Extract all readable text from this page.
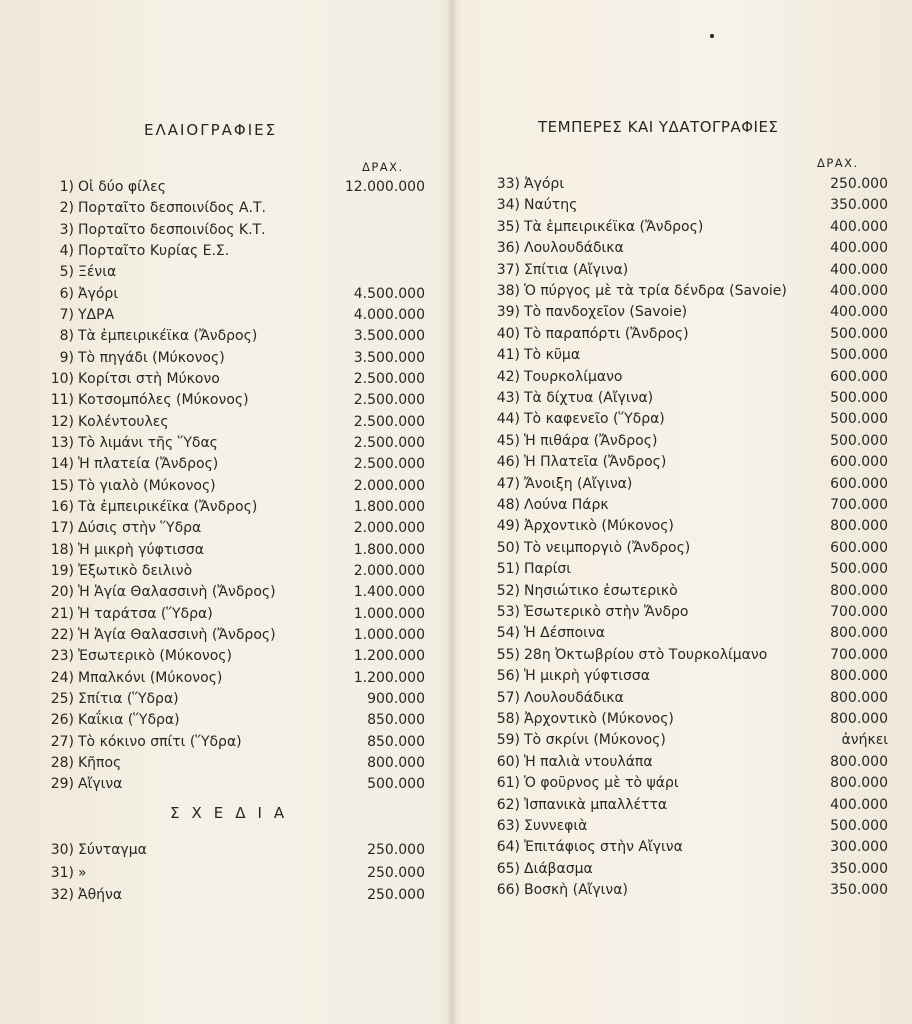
ΕΛΑΙΟΓΡΑΦΙΕΣ
ΔΡΑΧ.
1) Οἱ δύο φίλες	12.000.000
2) Πορταῖτο δεσποινίδος Α.Τ.
3) Πορταῖτο δεσποινίδος Κ.Τ.
4) Πορταῖτο Κυρίας Ε.Σ.
5) Ξένια
6) Ἀγόρι	4.500.000
7) ΥΔΡΑ	4.000.000
8) Τὰ ἐμπειρικέϊκα (Ἄνδρος)	3.500.000
9) Τὸ πηγάδι (Μύκονος)	3.500.000
10) Κορίτσι στὴ Μύκονο	2.500.000
11) Κοτσομπόλες (Μύκονος)	2.500.000
12) Κολέντουλες	2.500.000
13) Τὸ λιμάνι τῆς Ὕδας	2.500.000
14) Ἡ πλατεία (Ἄνδρος)	2.500.000
15) Τὸ γιαλὸ (Μύκονος)	2.000.000
16) Τὰ ἐμπειρικέϊκα (Ἄνδρος)	1.800.000
17) Δύσις στὴν Ὕδρα	2.000.000
18) Ἡ μικρὴ γύφτισσα	1.800.000
19) Ἐξωτικὸ δειλινὸ	2.000.000
20) Ἡ Ἁγία Θαλασσινὴ (Ἄνδρος)	1.400.000
21) Ἡ ταράτσα (Ὕδρα)	1.000.000
22) Ἡ Ἁγία Θαλασσινὴ (Ἄνδρος)	1.000.000
23) Ἐσωτερικὸ (Μύκονος)	1.200.000
24) Μπαλκόνι (Μύκονος)	1.200.000
25) Σπίτια (Ὕδρα)	900.000
26) Καΐκια (Ὕδρα)	850.000
27) Τὸ κόκινο σπίτι (Ὕδρα)	850.000
28) Κῆπος	800.000
29) Αἴγινα	500.000
ΣΧΕΔΙΑ
30) Σύνταγμα	250.000
31) »	250.000
32) Ἀθήνα	250.000
ΤΕΜΠΕΡΕΣ ΚΑΙ ΥΔΑΤΟΓΡΑΦΙΕΣ
ΔΡΑΧ.
33) Ἀγόρι	250.000
34) Ναύτης	350.000
35) Τὰ ἐμπειρικέϊκα (Ἄνδρος)	400.000
36) Λουλουδάδικα	400.000
37) Σπίτια (Αἴγινα)	400.000
38) Ὁ πύργος μὲ τὰ τρία δένδρα (Savoie)	400.000
39) Τὸ πανδοχεῖον (Savoie)	400.000
40) Τὸ παραπόρτι (Ἄνδρος)	500.000
41) Τὸ κῦμα	500.000
42) Τουρκολίμανο	600.000
43) Τὰ δίχτυα (Αἴγινα)	500.000
44) Τὸ καφενεῖο (Ὕδρα)	500.000
45) Ἡ πιθάρα (Ἄνδρος)	500.000
46) Ἡ Πλατεῖα (Ἄνδρος)	600.000
47) Ἄνοιξη (Αἴγινα)	600.000
48) Λούνα Πάρκ	700.000
49) Ἀρχοντικὸ (Μύκονος)	800.000
50) Τὸ νειμποργιὸ (Ἄνδρος)	600.000
51) Παρίσι	500.000
52) Νησιώτικο ἐσωτερικὸ	800.000
53) Ἐσωτερικὸ στὴν Ἄνδρο	700.000
54) Ἡ Δέσποινα	800.000
55) 28η Ὀκτωβρίου στὸ Τουρκολίμανο	700.000
56) Ἡ μικρὴ γύφτισσα	800.000
57) Λουλουδάδικα	800.000
58) Ἀρχοντικὸ (Μύκονος)	800.000
59) Τὸ σκρίνι (Μύκονος)	ἀνήκει
60) Ἡ παλιὰ ντουλάπα	800.000
61) Ὁ φοῦρνος μὲ τὸ ψάρι	800.000
62) Ἰσπανικὰ μπαλλέττα	400.000
63) Συννεφιὰ	500.000
64) Ἐπιτάφιος στὴν Αἴγινα	300.000
65) Διάβασμα	350.000
66) Βοσκὴ (Αἴγινα)	350.000
